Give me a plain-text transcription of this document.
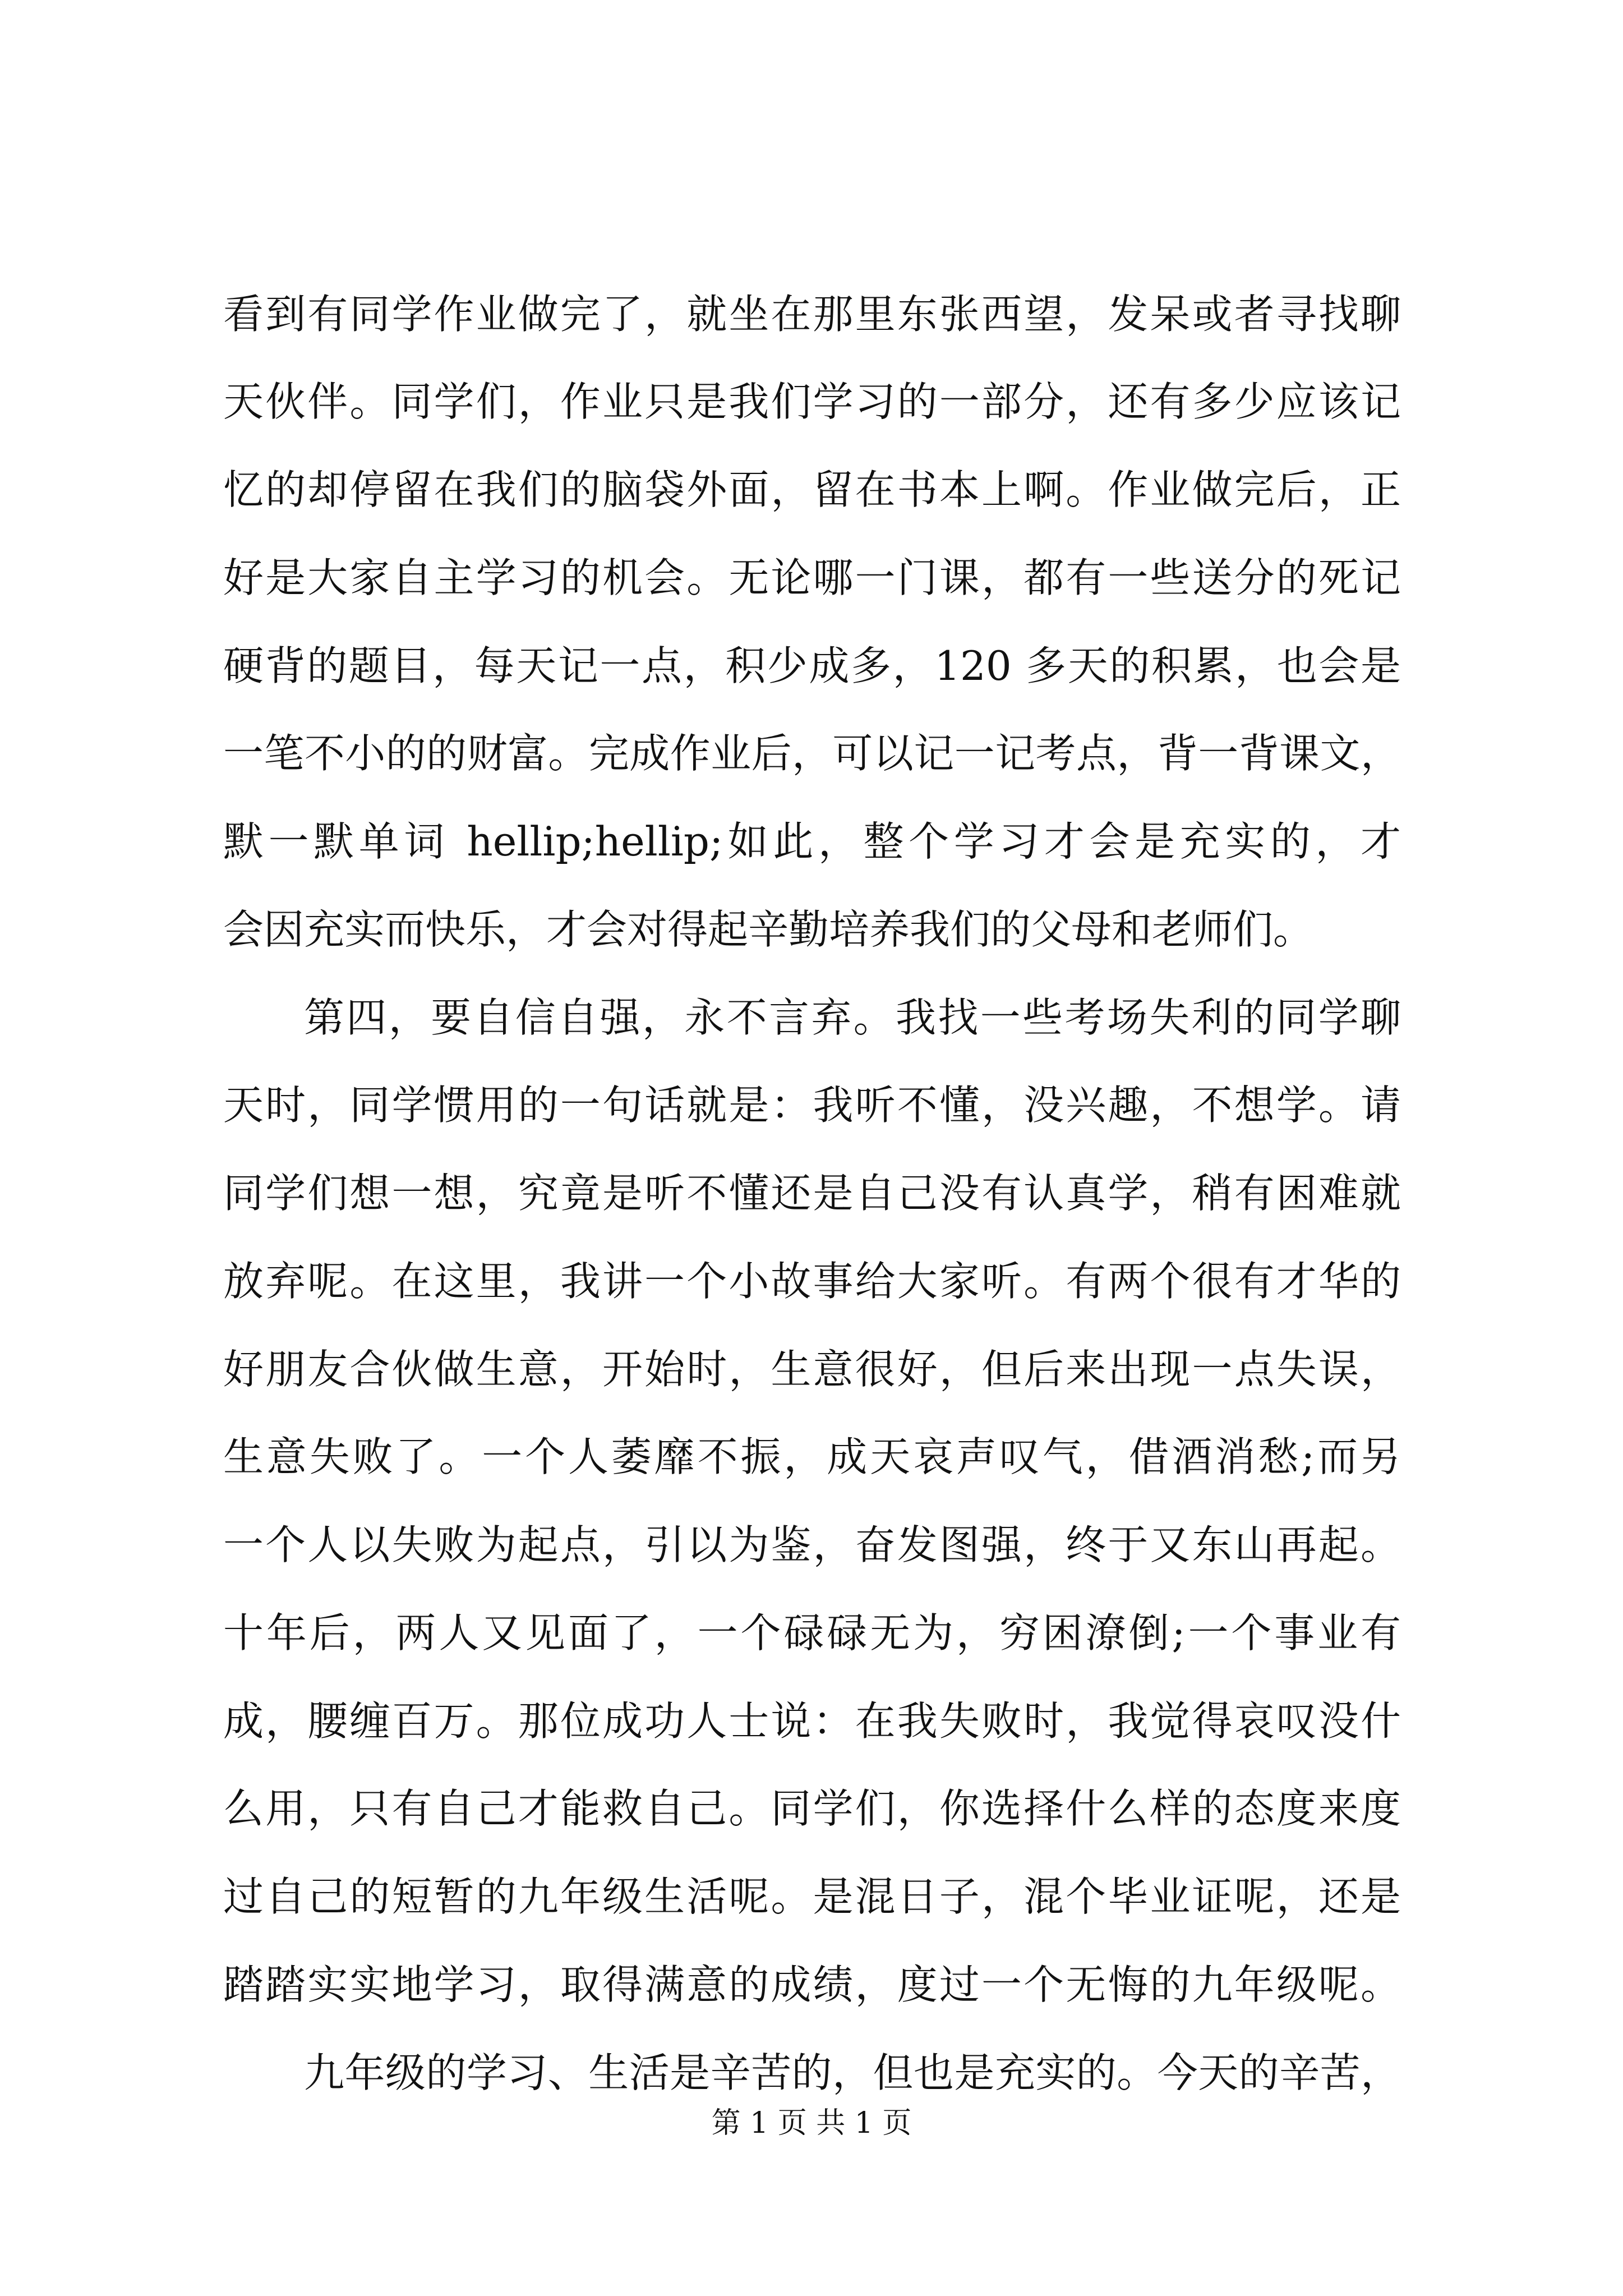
看到有同学作业做完了，就坐在那里东张西望，发呆或者寻找聊
天伙伴。同学们，作业只是我们学习的一部分，还有多少应该记
忆的却停留在我们的脑袋外面，留在书本上啊。作业做完后，正
好是大家自主学习的机会。无论哪一门课，都有一些送分的死记
硬背的题目，每天记一点，积少成多，120 多天的积累，也会是
一笔不小的的财富。完成作业后，可以记一记考点，背一背课文，
默一默单词 hellip;hellip;如此，整个学习才会是充实的，才
会因充实而快乐，才会对得起辛勤培养我们的父母和老师们。
第四，要自信自强，永不言弃。我找一些考场失利的同学聊
天时，同学惯用的一句话就是：我听不懂，没兴趣，不想学。请
同学们想一想，究竟是听不懂还是自己没有认真学，稍有困难就
放弃呢。在这里，我讲一个小故事给大家听。有两个很有才华的
好朋友合伙做生意，开始时，生意很好，但后来出现一点失误，
生意失败了。一个人萎靡不振，成天哀声叹气，借酒消愁;而另
一个人以失败为起点，引以为鉴，奋发图强，终于又东山再起。
十年后，两人又见面了，一个碌碌无为，穷困潦倒;一个事业有
成，腰缠百万。那位成功人士说：在我失败时，我觉得哀叹没什
么用，只有自己才能救自己。同学们，你选择什么样的态度来度
过自己的短暂的九年级生活呢。是混日子，混个毕业证呢，还是
踏踏实实地学习，取得满意的成绩，度过一个无悔的九年级呢。
九年级的学习、生活是辛苦的，但也是充实的。今天的辛苦，
第 1 页 共 1 页
